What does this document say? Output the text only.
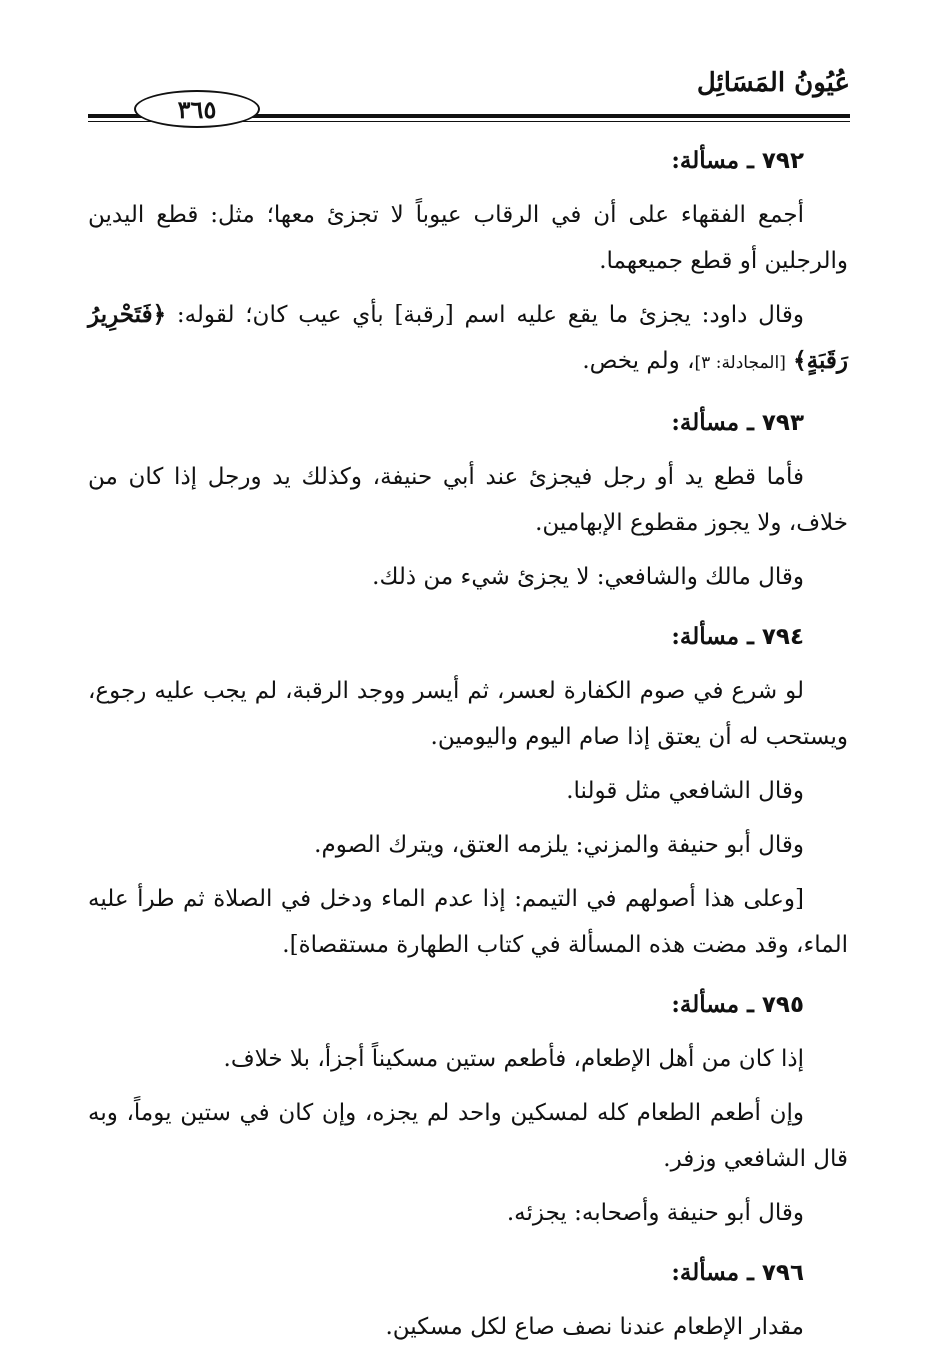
عُيُونُ المَسَائِل
٣٦٥
٧٩٢ ـ مسألة:

أجمع الفقهاء على أن في الرقاب عيوباً لا تجزئ معها؛ مثل: قطع اليدين والرجلين أو قطع جميعهما.

وقال داود: يجزئ ما يقع عليه اسم [رقبة] بأي عيب كان؛ لقوله: ﴿فَتَحْرِيرُ رَقَبَةٍ﴾ [المجادلة: ٣]، ولم يخص.

٧٩٣ ـ مسألة:

فأما قطع يد أو رجل فيجزئ عند أبي حنيفة، وكذلك يد ورجل إذا كان من خلاف، ولا يجوز مقطوع الإبهامين.

وقال مالك والشافعي: لا يجزئ شيء من ذلك.

٧٩٤ ـ مسألة:

لو شرع في صوم الكفارة لعسر، ثم أيسر ووجد الرقبة، لم يجب عليه رجوع، ويستحب له أن يعتق إذا صام اليوم واليومين.

وقال الشافعي مثل قولنا.

وقال أبو حنيفة والمزني: يلزمه العتق، ويترك الصوم.

[وعلى هذا أصولهم في التيمم: إذا عدم الماء ودخل في الصلاة ثم طرأ عليه الماء، وقد مضت هذه المسألة في كتاب الطهارة مستقصاة].

٧٩٥ ـ مسألة:

إذا كان من أهل الإطعام، فأطعم ستين مسكيناً أجزأ، بلا خلاف.

وإن أطعم الطعام كله لمسكين واحد لم يجزه، وإن كان في ستين يوماً، وبه قال الشافعي وزفر.

وقال أبو حنيفة وأصحابه: يجزئه.

٧٩٦ ـ مسألة:

مقدار الإطعام عندنا نصف صاع لكل مسكين.
